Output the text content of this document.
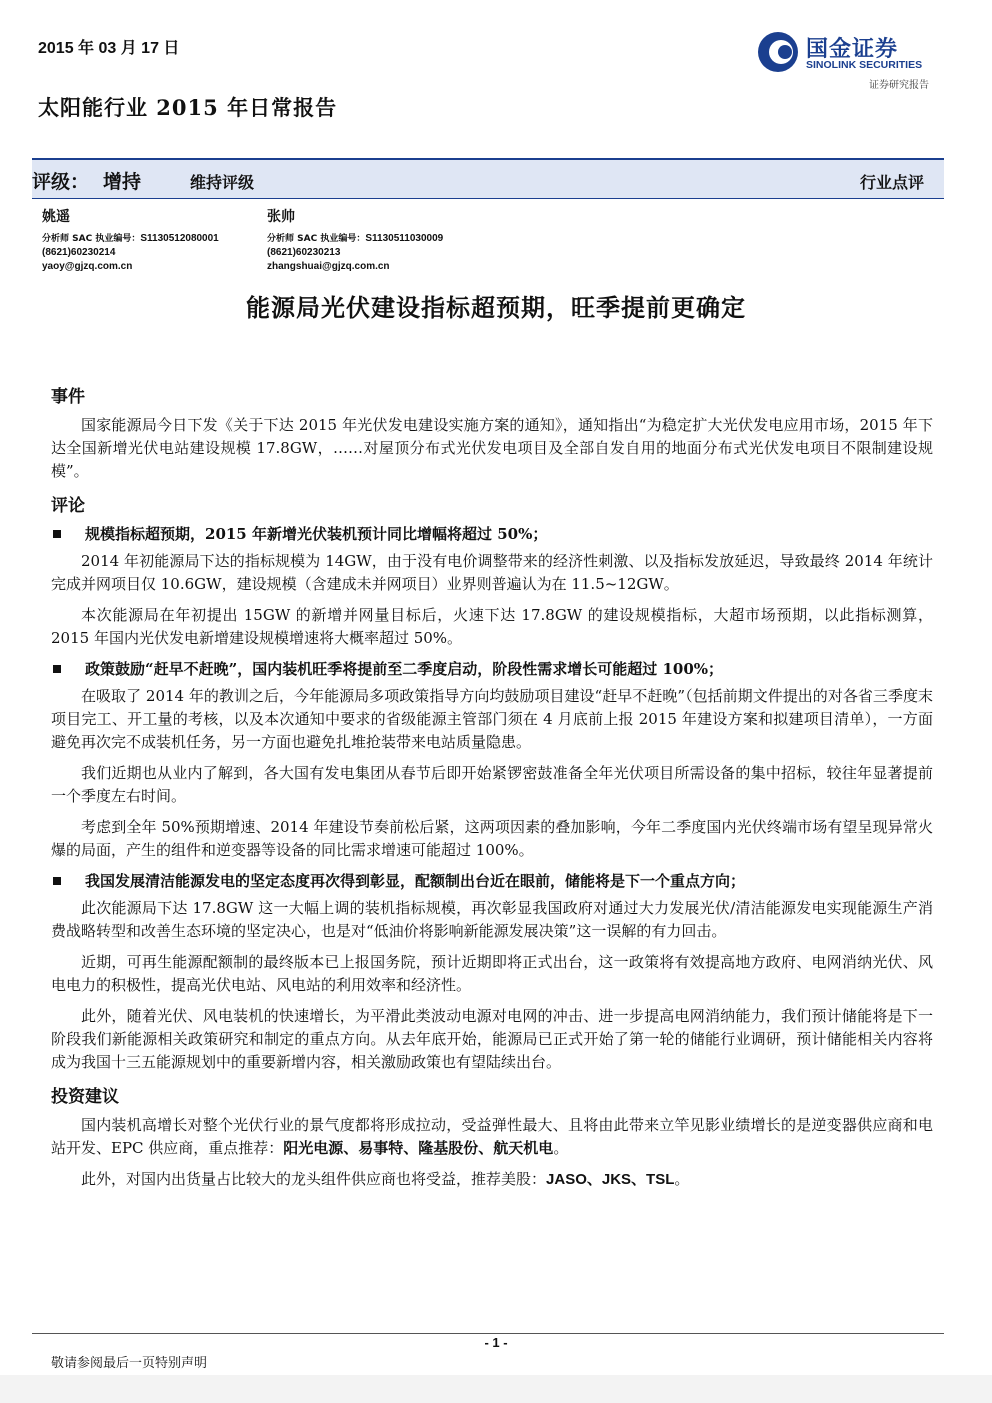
2015 年 03 月 17 日
太阳能行业 2015 年日常报告
国金证券
SINOLINK SECURITIES
证券研究报告
评级： 增持	维持评级	行业点评
姚遥
分析师 SAC 执业编号：S1130512080001
(8621)60230214
yaoy@gjzq.com.cn
张帅
分析师 SAC 执业编号：S1130511030009
(8621)60230213
zhangshuai@gjzq.com.cn
能源局光伏建设指标超预期，旺季提前更确定
事件

国家能源局今日下发《关于下达 2015 年光伏发电建设实施方案的通知》，通知指出“为稳定扩大光伏发电应用市场，2015 年下达全国新增光伏电站建设规模 17.8GW，……对屋顶分布式光伏发电项目及全部自发自用的地面分布式光伏发电项目不限制建设规模”。

评论
规模指标超预期，2015 年新增光伏装机预计同比增幅将超过 50%；

2014 年初能源局下达的指标规模为 14GW，由于没有电价调整带来的经济性刺激、以及指标发放延迟，导致最终 2014 年统计完成并网项目仅 10.6GW，建设规模（含建成未并网项目）业界则普遍认为在 11.5~12GW。

本次能源局在年初提出 15GW 的新增并网量目标后，火速下达 17.8GW 的建设规模指标，大超市场预期，以此指标测算，2015 年国内光伏发电新增建设规模增速将大概率超过 50%。

政策鼓励“赶早不赶晚”，国内装机旺季将提前至二季度启动，阶段性需求增长可能超过 100%；

在吸取了 2014 年的教训之后，今年能源局多项政策指导方向均鼓励项目建设“赶早不赶晚”（包括前期文件提出的对各省三季度末项目完工、开工量的考核，以及本次通知中要求的省级能源主管部门须在 4 月底前上报 2015 年建设方案和拟建项目清单），一方面避免再次完不成装机任务，另一方面也避免扎堆抢装带来电站质量隐患。

我们近期也从业内了解到，各大国有发电集团从春节后即开始紧锣密鼓准备全年光伏项目所需设备的集中招标，较往年显著提前一个季度左右时间。

考虑到全年 50%预期增速、2014 年建设节奏前松后紧，这两项因素的叠加影响，今年二季度国内光伏终端市场有望呈现异常火爆的局面，产生的组件和逆变器等设备的同比需求增速可能超过 100%。

我国发展清洁能源发电的坚定态度再次得到彰显，配额制出台近在眼前，储能将是下一个重点方向；

此次能源局下达 17.8GW 这一大幅上调的装机指标规模，再次彰显我国政府对通过大力发展光伏/清洁能源发电实现能源生产消费战略转型和改善生态环境的坚定决心，也是对“低油价将影响新能源发展决策”这一误解的有力回击。

近期，可再生能源配额制的最终版本已上报国务院，预计近期即将正式出台，这一政策将有效提高地方政府、电网消纳光伏、风电电力的积极性，提高光伏电站、风电站的利用效率和经济性。

此外，随着光伏、风电装机的快速增长，为平滑此类波动电源对电网的冲击、进一步提高电网消纳能力，我们预计储能将是下一阶段我们新能源相关政策研究和制定的重点方向。从去年底开始，能源局已正式开始了第一轮的储能行业调研，预计储能相关内容将成为我国十三五能源规划中的重要新增内容，相关激励政策也有望陆续出台。

投资建议

国内装机高增长对整个光伏行业的景气度都将形成拉动，受益弹性最大、且将由此带来立竿见影业绩增长的是逆变器供应商和电站开发、EPC 供应商，重点推荐：阳光电源、易事特、隆基股份、航天机电。

此外，对国内出货量占比较大的龙头组件供应商也将受益，推荐美股：JASO、JKS、TSL。

- 1 -
敬请参阅最后一页特别声明
